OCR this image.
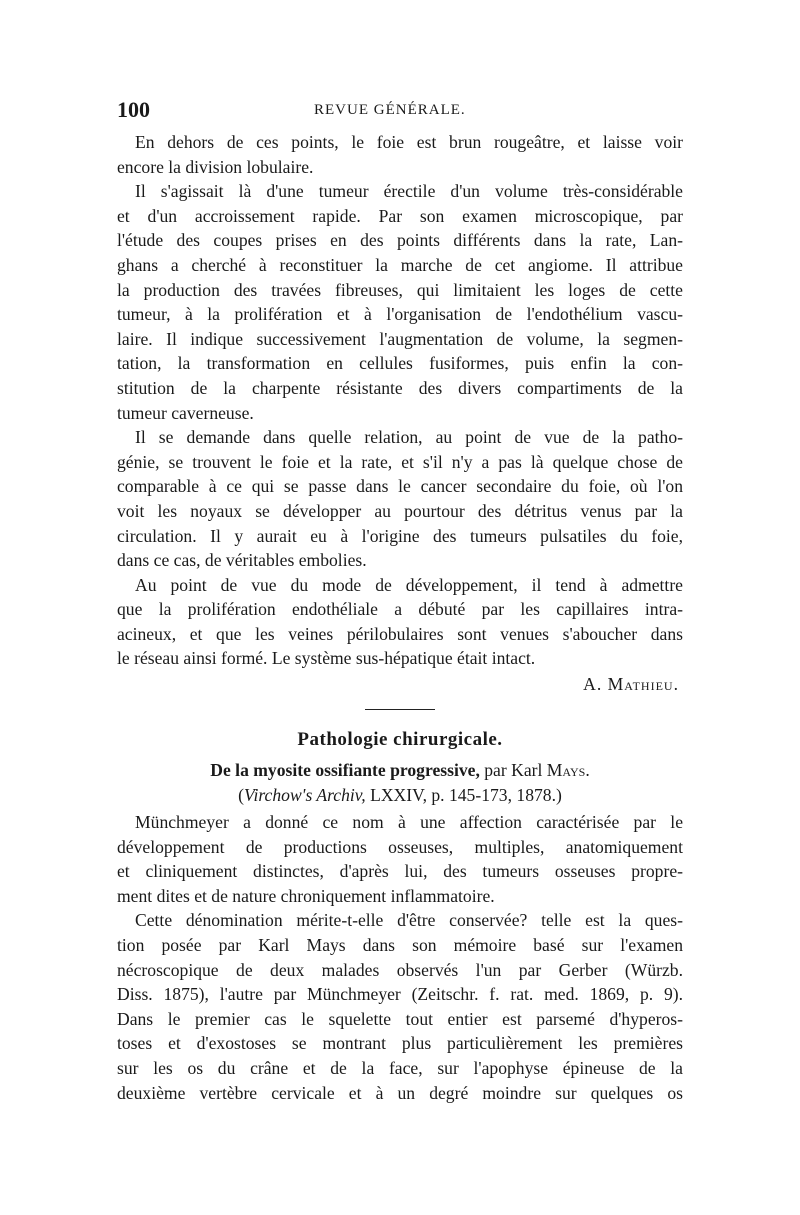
100	REVUE GÉNÉRALE.
En dehors de ces points, le foie est brun rougeâtre, et laisse voir
encore la division lobulaire.
Il s'agissait là d'une tumeur érectile d'un volume très-considérable
et d'un accroissement rapide. Par son examen microscopique, par
l'étude des coupes prises en des points différents dans la rate, Lan-
ghans a cherché à reconstituer la marche de cet angiome. Il attribue
la production des travées fibreuses, qui limitaient les loges de cette
tumeur, à la prolifération et à l'organisation de l'endothélium vascu-
laire. Il indique successivement l'augmentation de volume, la segmen-
tation, la transformation en cellules fusiformes, puis enfin la con-
stitution de la charpente résistante des divers compartiments de la
tumeur caverneuse.
Il se demande dans quelle relation, au point de vue de la patho-
génie, se trouvent le foie et la rate, et s'il n'y a pas là quelque chose de
comparable à ce qui se passe dans le cancer secondaire du foie, où l'on
voit les noyaux se développer au pourtour des détritus venus par la
circulation. Il y aurait eu à l'origine des tumeurs pulsatiles du foie,
dans ce cas, de véritables embolies.
Au point de vue du mode de développement, il tend à admettre
que la prolifération endothéliale a débuté par les capillaires intra-
acineux, et que les veines périlobulaires sont venues s'aboucher dans
le réseau ainsi formé. Le système sus-hépatique était intact.
A. Mathieu.
Pathologie chirurgicale.
De la myosite ossifiante progressive, par Karl Mays.
(Virchow's Archiv, LXXIV, p. 145-173, 1878.)
Münchmeyer a donné ce nom à une affection caractérisée par le
développement de productions osseuses, multiples, anatomiquement
et cliniquement distinctes, d'après lui, des tumeurs osseuses propre-
ment dites et de nature chroniquement inflammatoire.
Cette dénomination mérite-t-elle d'être conservée? telle est la ques-
tion posée par Karl Mays dans son mémoire basé sur l'examen
nécroscopique de deux malades observés l'un par Gerber (Würzb.
Diss. 1875), l'autre par Münchmeyer (Zeitschr. f. rat. med. 1869, p. 9).
Dans le premier cas le squelette tout entier est parsemé d'hyperos-
toses et d'exostoses se montrant plus particulièrement les premières
sur les os du crâne et de la face, sur l'apophyse épineuse de la
deuxième vertèbre cervicale et à un degré moindre sur quelques os
